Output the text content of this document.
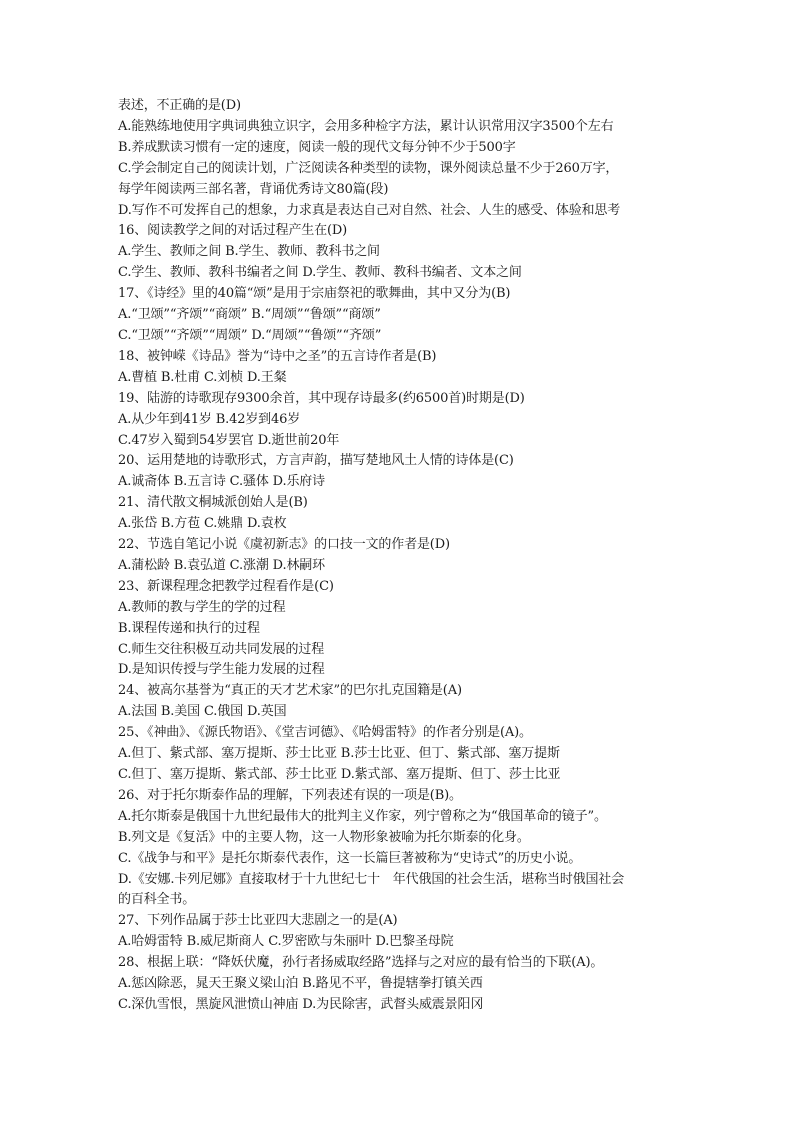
表述，不正确的是(D)
A.能熟练地使用字典词典独立识字，会用多种检字方法，累计认识常用汉字3500个左右
B.养成默读习惯有一定的速度，阅读一般的现代文每分钟不少于500字
C.学会制定自己的阅读计划，广泛阅读各种类型的读物，课外阅读总量不少于260万字，
每学年阅读两三部名著，背诵优秀诗文80篇(段)
D.写作不可发挥自己的想象，力求真是表达自己对自然、社会、人生的感受、体验和思考
16、阅读教学之间的对话过程产生在(D)
A.学生、教师之间 B.学生、教师、教科书之间
C.学生、教师、教科书编者之间 D.学生、教师、教科书编者、文本之间
17、《诗经》里的40篇“颂”是用于宗庙祭祀的歌舞曲，其中又分为(B)
A.“卫颂”“齐颂”“商颂” B.“周颂”“鲁颂”“商颂”
C.“卫颂”“齐颂”“周颂” D.“周颂”“鲁颂”“齐颂”
18、被钟嵘《诗品》誉为“诗中之圣”的五言诗作者是(B)
A.曹植 B.杜甫 C.刘桢 D.王粲
19、陆游的诗歌现存9300余首，其中现存诗最多(约6500首)时期是(D)
A.从少年到41岁 B.42岁到46岁
C.47岁入蜀到54岁罢官 D.逝世前20年
20、运用楚地的诗歌形式，方言声韵，描写楚地风土人情的诗体是(C)
A.诚斋体 B.五言诗 C.骚体 D.乐府诗
21、清代散文桐城派创始人是(B)
A.张岱 B.方苞 C.姚鼎 D.袁枚
22、节选自笔记小说《虞初新志》的口技一文的作者是(D)
A.蒲松龄 B.袁弘道 C.涨潮 D.林嗣环
23、新课程理念把教学过程看作是(C)
A.教师的教与学生的学的过程
B.课程传递和执行的过程
C.师生交往积极互动共同发展的过程
D.是知识传授与学生能力发展的过程
24、被高尔基誉为“真正的天才艺术家”的巴尔扎克国籍是(A)
A.法国 B.美国 C.俄国 D.英国
25、《神曲》、《源氏物语》、《堂吉诃德》、《哈姆雷特》的作者分别是(A)。
A.但丁、紫式部、塞万提斯、莎士比亚 B.莎士比亚、但丁、紫式部、塞万提斯
C.但丁、塞万提斯、紫式部、莎士比亚 D.紫式部、塞万提斯、但丁、莎士比亚
26、对于托尔斯泰作品的理解，下列表述有误的一项是(B)。
A.托尔斯泰是俄国十九世纪最伟大的批判主义作家，列宁曾称之为“俄国革命的镜子”。
B.列文是《复活》中的主要人物，这一人物形象被喻为托尔斯泰的化身。
C.《战争与和平》是托尔斯泰代表作，这一长篇巨著被称为“史诗式”的历史小说。
D.《安娜.卡列尼娜》直接取材于十九世纪七十　年代俄国的社会生活，堪称当时俄国社会
的百科全书。
27、下列作品属于莎士比亚四大悲剧之一的是(A)
A.哈姆雷特 B.威尼斯商人 C.罗密欧与朱丽叶 D.巴黎圣母院
28、根据上联：“降妖伏魔，孙行者扬威取经路”选择与之对应的最有恰当的下联(A)。
A.惩凶除恶，晁天王聚义梁山泊 B.路见不平，鲁提辖拳打镇关西
C.深仇雪恨，黑旋风泄愤山神庙 D.为民除害，武督头威震景阳冈
